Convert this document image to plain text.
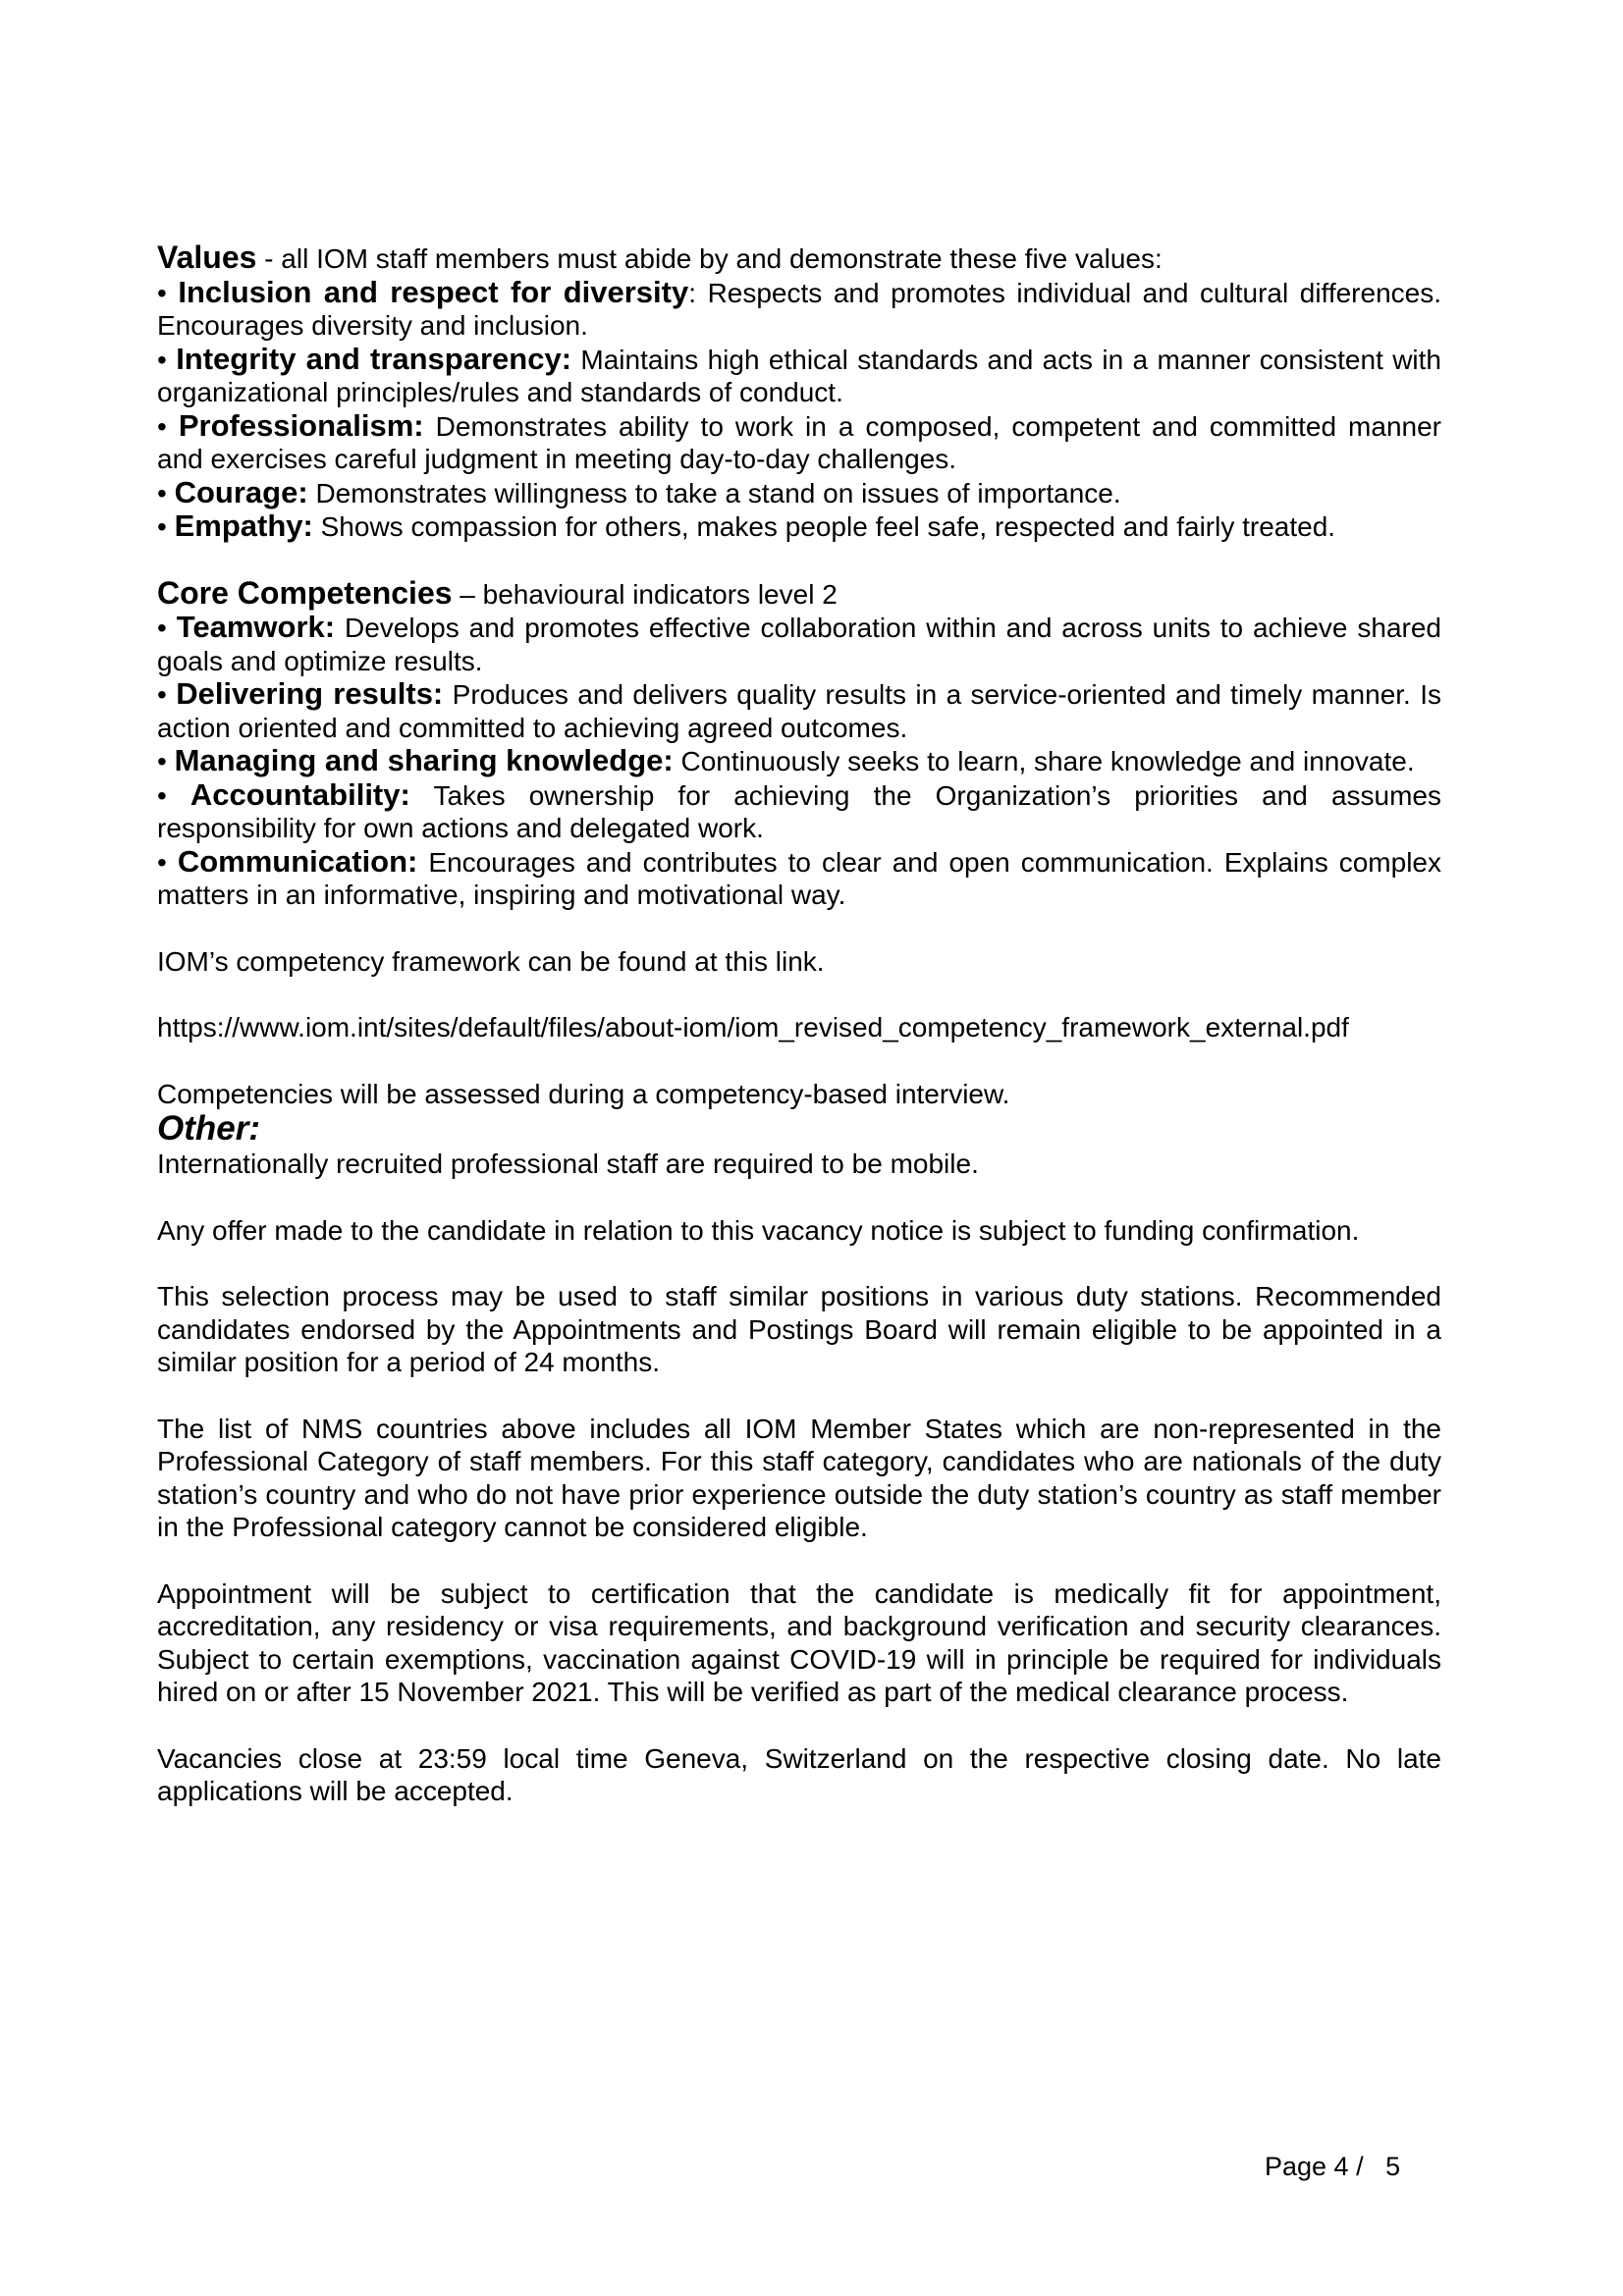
Values - all IOM staff members must abide by and demonstrate these five values:

• Inclusion and respect for diversity: Respects and promotes individual and cultural differences. Encourages diversity and inclusion.

• Integrity and transparency: Maintains high ethical standards and acts in a manner consistent with organizational principles/rules and standards of conduct.

• Professionalism: Demonstrates ability to work in a composed, competent and committed manner and exercises careful judgment in meeting day-to-day challenges.

• Courage: Demonstrates willingness to take a stand on issues of importance.

• Empathy: Shows compassion for others, makes people feel safe, respected and fairly treated.

Core Competencies – behavioural indicators level 2

• Teamwork: Develops and promotes effective collaboration within and across units to achieve shared goals and optimize results.

• Delivering results: Produces and delivers quality results in a service-oriented and timely manner. Is action oriented and committed to achieving agreed outcomes.

• Managing and sharing knowledge: Continuously seeks to learn, share knowledge and innovate.

• Accountability: Takes ownership for achieving the Organization’s priorities and assumes responsibility for own actions and delegated work.

• Communication: Encourages and contributes to clear and open communication. Explains complex matters in an informative, inspiring and motivational way.

IOM’s competency framework can be found at this link.

https://www.iom.int/sites/default/files/about-iom/iom_revised_competency_framework_external.pdf

Competencies will be assessed during a competency-based interview.

Other:

Internationally recruited professional staff are required to be mobile.

Any offer made to the candidate in relation to this vacancy notice is subject to funding confirmation.

This selection process may be used to staff similar positions in various duty stations. Recommended candidates endorsed by the Appointments and Postings Board will remain eligible to be appointed in a similar position for a period of 24 months.

The list of NMS countries above includes all IOM Member States which are non-represented in the Professional Category of staff members. For this staff category, candidates who are nationals of the duty station’s country and who do not have prior experience outside the duty station’s country as staff member in the Professional category cannot be considered eligible.

Appointment will be subject to certification that the candidate is medically fit for appointment, accreditation, any residency or visa requirements, and background verification and security clearances. Subject to certain exemptions, vaccination against COVID-19 will in principle be required for individuals hired on or after 15 November 2021. This will be verified as part of the medical clearance process.

Vacancies close at 23:59 local time Geneva, Switzerland on the respective closing date. No late applications will be accepted.

Page 4 /   5
